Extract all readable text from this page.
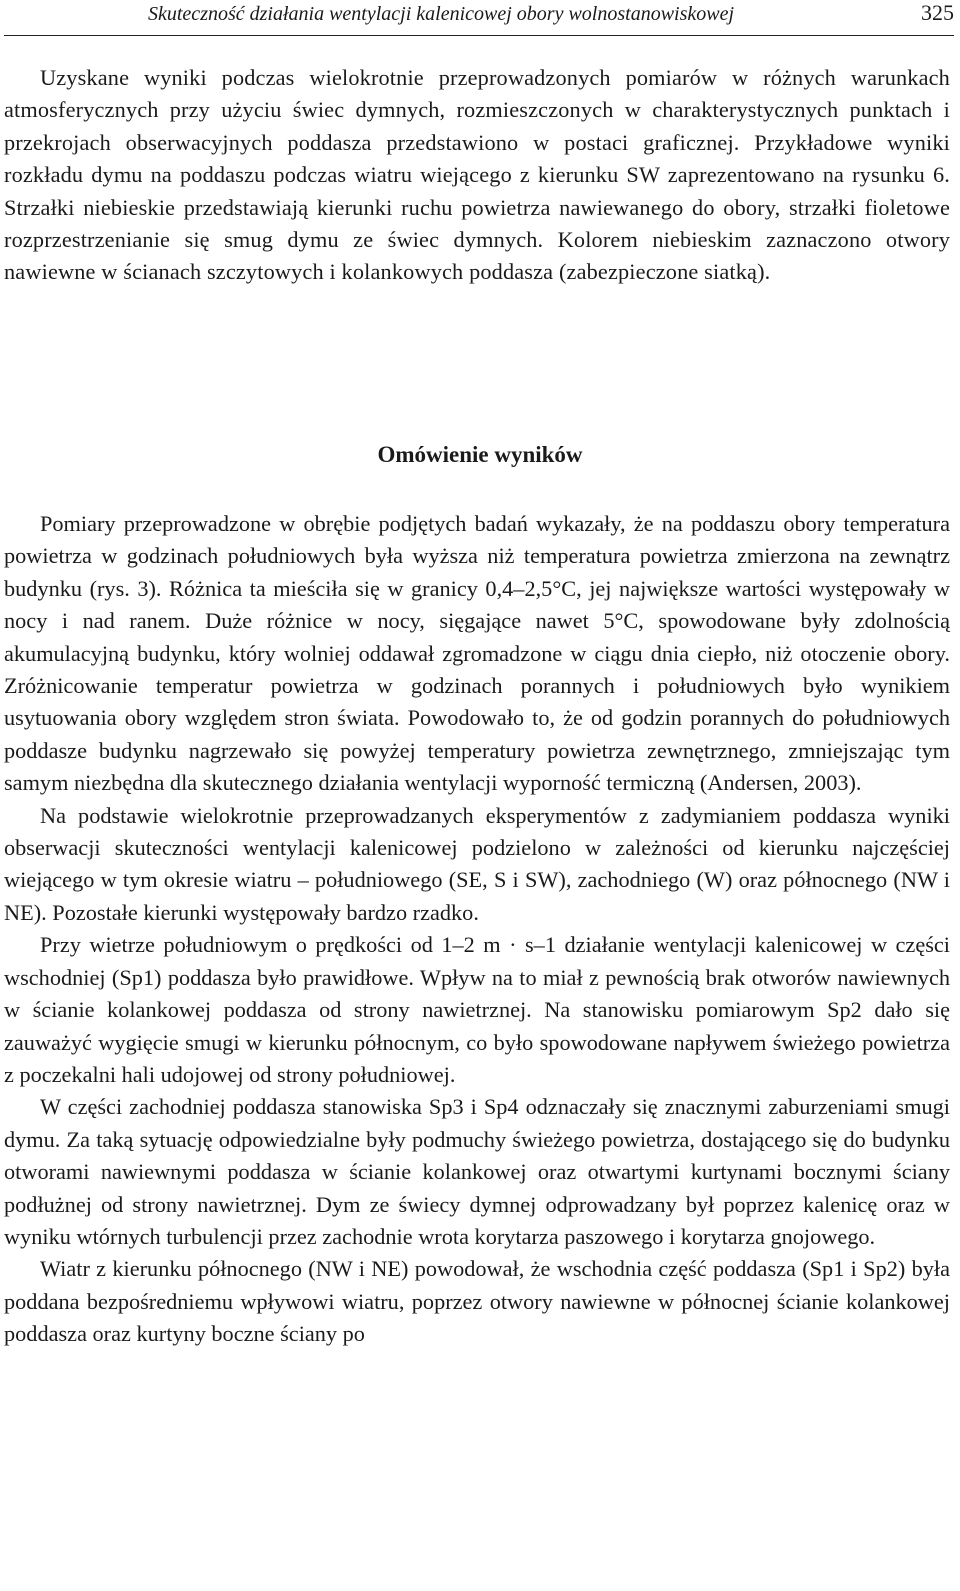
Skuteczność działania wentylacji kalenicowej obory wolnostanowiskowej	325

Uzyskane wyniki podczas wielokrotnie przeprowadzonych pomiarów w różnych warunkach atmosferycznych przy użyciu świec dymnych, rozmieszczonych w charakterystycznych punktach i przekrojach obserwacyjnych poddasza przedstawiono w postaci graficznej. Przykładowe wyniki rozkładu dymu na poddaszu podczas wiatru wiejącego z kierunku SW zaprezentowano na rysunku 6. Strzałki niebieskie przedstawiają kierunki ruchu powietrza nawiewanego do obory, strzałki fioletowe rozprzestrzenianie się smug dymu ze świec dymnych. Kolorem niebieskim zaznaczono otwory nawiewne w ścianach szczytowych i kolankowych poddasza (zabezpieczone siatką).

Omówienie wyników

Pomiary przeprowadzone w obrębie podjętych badań wykazały, że na poddaszu obory temperatura powietrza w godzinach południowych była wyższa niż temperatura powietrza zmierzona na zewnątrz budynku (rys. 3). Różnica ta mieściła się w granicy 0,4–2,5°C, jej największe wartości występowały w nocy i nad ranem. Duże różnice w nocy, sięgające nawet 5°C, spowodowane były zdolnością akumulacyjną budynku, który wolniej oddawał zgromadzone w ciągu dnia ciepło, niż otoczenie obory. Zróżnicowanie temperatur powietrza w godzinach porannych i południowych było wynikiem usytuowania obory względem stron świata. Powodowało to, że od godzin porannych do południowych poddasze budynku nagrzewało się powyżej temperatury powietrza zewnętrznego, zmniejszając tym samym niezbędna dla skutecznego działania wentylacji wyporność termiczną (Andersen, 2003).

Na podstawie wielokrotnie przeprowadzanych eksperymentów z zadymianiem poddasza wyniki obserwacji skuteczności wentylacji kalenicowej podzielono w zależności od kierunku najczęściej wiejącego w tym okresie wiatru – południowego (SE, S i SW), zachodniego (W) oraz północnego (NW i NE). Pozostałe kierunki występowały bardzo rzadko.

Przy wietrze południowym o prędkości od 1–2 m · s–1 działanie wentylacji kalenicowej w części wschodniej (Sp1) poddasza było prawidłowe. Wpływ na to miał z pewnością brak otworów nawiewnych w ścianie kolankowej poddasza od strony nawietrznej. Na stanowisku pomiarowym Sp2 dało się zauważyć wygięcie smugi w kierunku północnym, co było spowodowane napływem świeżego powietrza z poczekalni hali udojowej od strony południowej.

W części zachodniej poddasza stanowiska Sp3 i Sp4 odznaczały się znacznymi zaburzeniami smugi dymu. Za taką sytuację odpowiedzialne były podmuchy świeżego powietrza, dostającego się do budynku otworami nawiewnymi poddasza w ścianie kolankowej oraz otwartymi kurtynami bocznymi ściany podłużnej od strony nawietrznej. Dym ze świecy dymnej odprowadzany był poprzez kalenicę oraz w wyniku wtórnych turbulencji przez zachodnie wrota korytarza paszowego i korytarza gnojowego.

Wiatr z kierunku północnego (NW i NE) powodował, że wschodnia część poddasza (Sp1 i Sp2) była poddana bezpośredniemu wpływowi wiatru, poprzez otwory nawiewne w północnej ścianie kolankowej poddasza oraz kurtyny boczne ściany po
